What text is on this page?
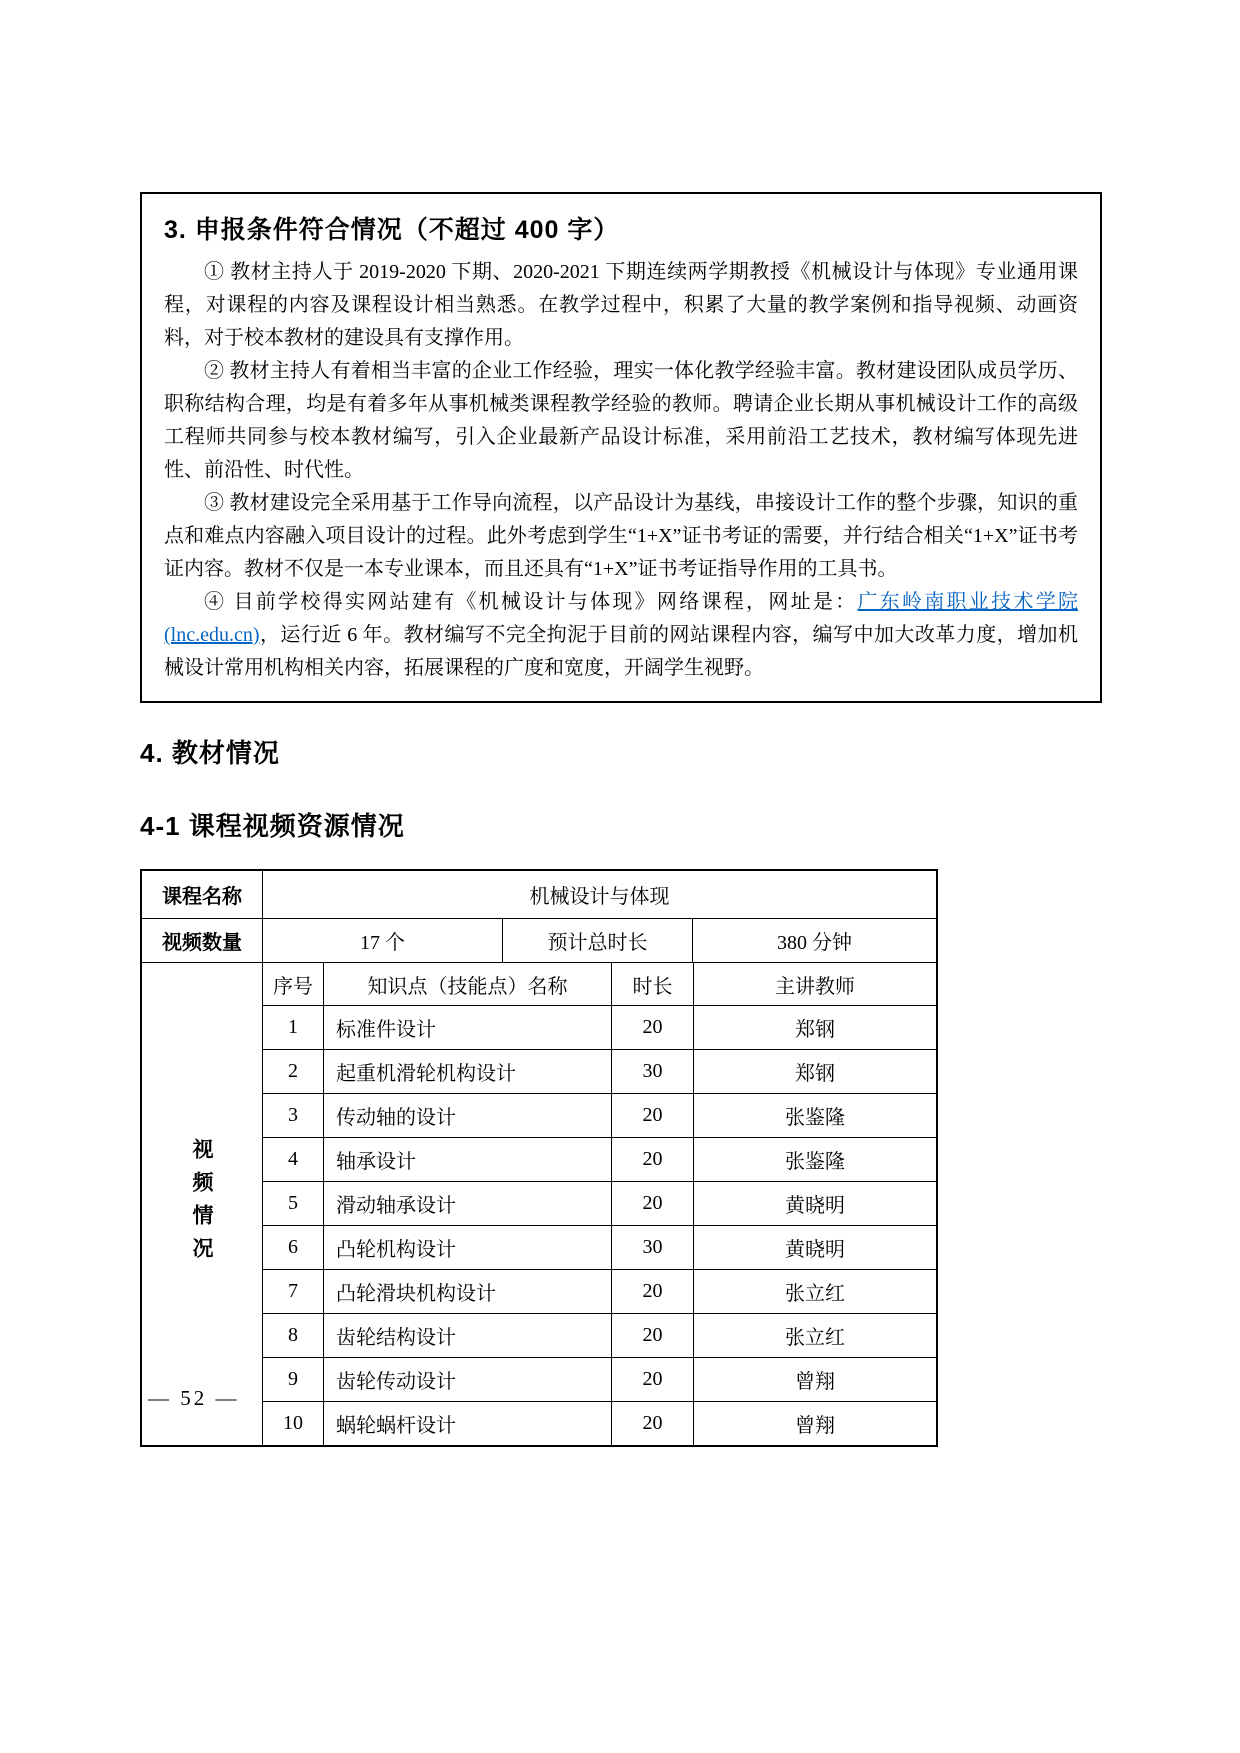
3. 申报条件符合情况（不超过 400 字）

① 教材主持人于 2019-2020 下期、2020-2021 下期连续两学期教授《机械设计与体现》专业通用课程，对课程的内容及课程设计相当熟悉。在教学过程中，积累了大量的教学案例和指导视频、动画资料，对于校本教材的建设具有支撑作用。

② 教材主持人有着相当丰富的企业工作经验，理实一体化教学经验丰富。教材建设团队成员学历、职称结构合理，均是有着多年从事机械类课程教学经验的教师。聘请企业长期从事机械设计工作的高级工程师共同参与校本教材编写，引入企业最新产品设计标准，采用前沿工艺技术，教材编写体现先进性、前沿性、时代性。

③ 教材建设完全采用基于工作导向流程，以产品设计为基线，串接设计工作的整个步骤，知识的重点和难点内容融入项目设计的过程。此外考虑到学生“1+X”证书考证的需要，并行结合相关“1+X”证书考证内容。教材不仅是一本专业课本，而且还具有“1+X”证书考证指导作用的工具书。

④ 目前学校得实网站建有《机械设计与体现》网络课程，网址是：广东岭南职业技术学院(lnc.edu.cn)，运行近 6 年。教材编写不完全拘泥于目前的网站课程内容，编写中加大改革力度，增加机械设计常用机构相关内容，拓展课程的广度和宽度，开阔学生视野。

4. 教材情况
4-1 课程视频资源情况
课程名称	机械设计与体现
视频数量	17 个	预计总时长	380 分钟
视频情况
序号	知识点（技能点）名称	时长	主讲教师
1	标准件设计	20	郑钢
2	起重机滑轮机构设计	30	郑钢
3	传动轴的设计	20	张鉴隆
4	轴承设计	20	张鉴隆
5	滑动轴承设计	20	黄晓明
6	凸轮机构设计	30	黄晓明
7	凸轮滑块机构设计	20	张立红
8	齿轮结构设计	20	张立红
9	齿轮传动设计	20	曾翔
10	蜗轮蜗杆设计	20	曾翔
— 52 —
